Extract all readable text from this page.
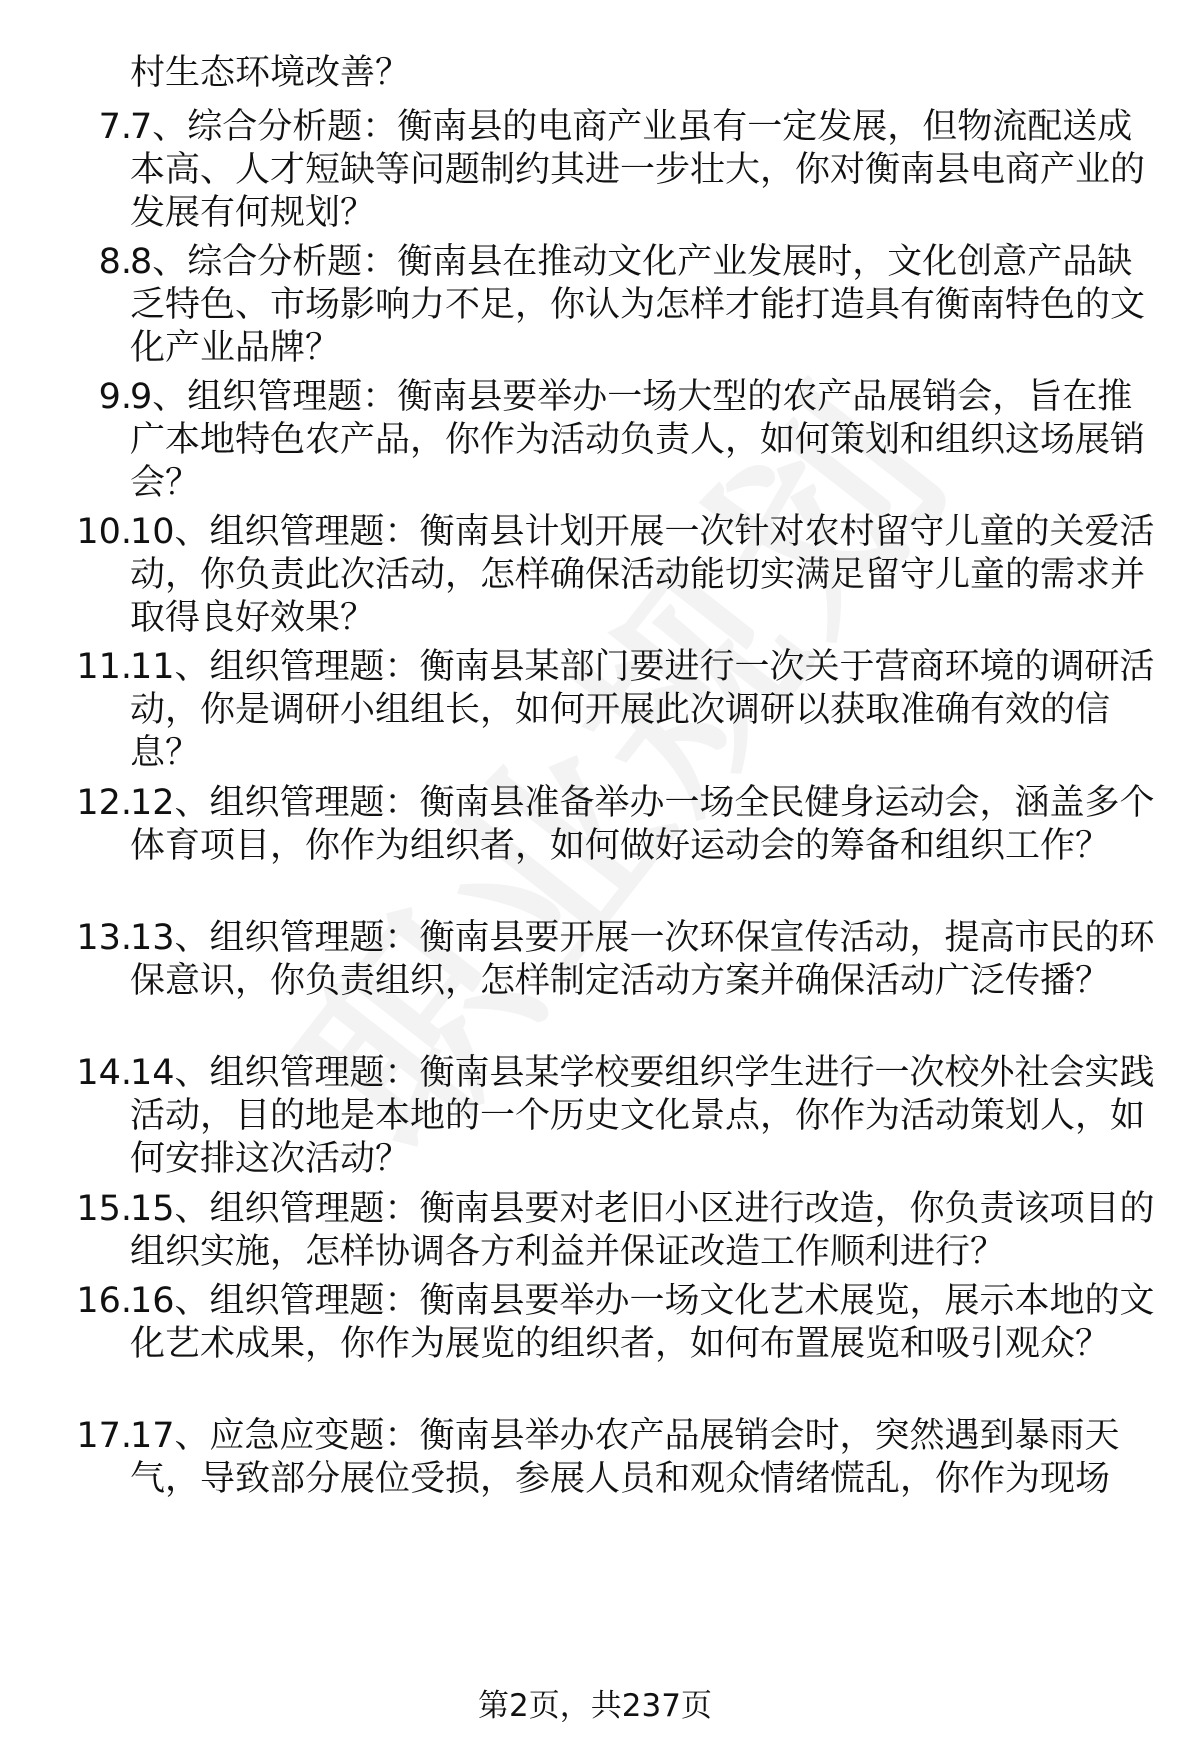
村生态环境改善？

7.

7、综合分析题：衡南县的电商产业虽有一定发展，但物流配送成本高、人才短缺等问题制约其进一步壮大，你对衡南县电商产业的发展有何规划？

8.

8、综合分析题：衡南县在推动文化产业发展时，文化创意产品缺乏特色、市场影响力不足，你认为怎样才能打造具有衡南特色的文化产业品牌？

9.

9、组织管理题：衡南县要举办一场大型的农产品展销会，旨在推广本地特色农产品，你作为活动负责人，如何策划和组织这场展销会？

10.

10、组织管理题：衡南县计划开展一次针对农村留守儿童的关爱活动，你负责此次活动，怎样确保活动能切实满足留守儿童的需求并取得良好效果？

11.

11、组织管理题：衡南县某部门要进行一次关于营商环境的调研活动，你是调研小组组长，如何开展此次调研以获取准确有效的信息？

12.

12、组织管理题：衡南县准备举办一场全民健身运动会，涵盖多个体育项目，你作为组织者，如何做好运动会的筹备和组织工作？

13.

13、组织管理题：衡南县要开展一次环保宣传活动，提高市民的环保意识，你负责组织，怎样制定活动方案并确保活动广泛传播？

14.

14、组织管理题：衡南县某学校要组织学生进行一次校外社会实践活动，目的地是本地的一个历史文化景点，你作为活动策划人，如何安排这次活动？

15.

15、组织管理题：衡南县要对老旧小区进行改造，你负责该项目的组织实施，怎样协调各方利益并保证改造工作顺利进行？

16.

16、组织管理题：衡南县要举办一场文化艺术展览，展示本地的文化艺术成果，你作为展览的组织者，如何布置展览和吸引观众？

17.

17、应急应变题：衡南县举办农产品展销会时，突然遇到暴雨天气，导致部分展位受损，参展人员和观众情绪慌乱，你作为现场

第2页，共237页
